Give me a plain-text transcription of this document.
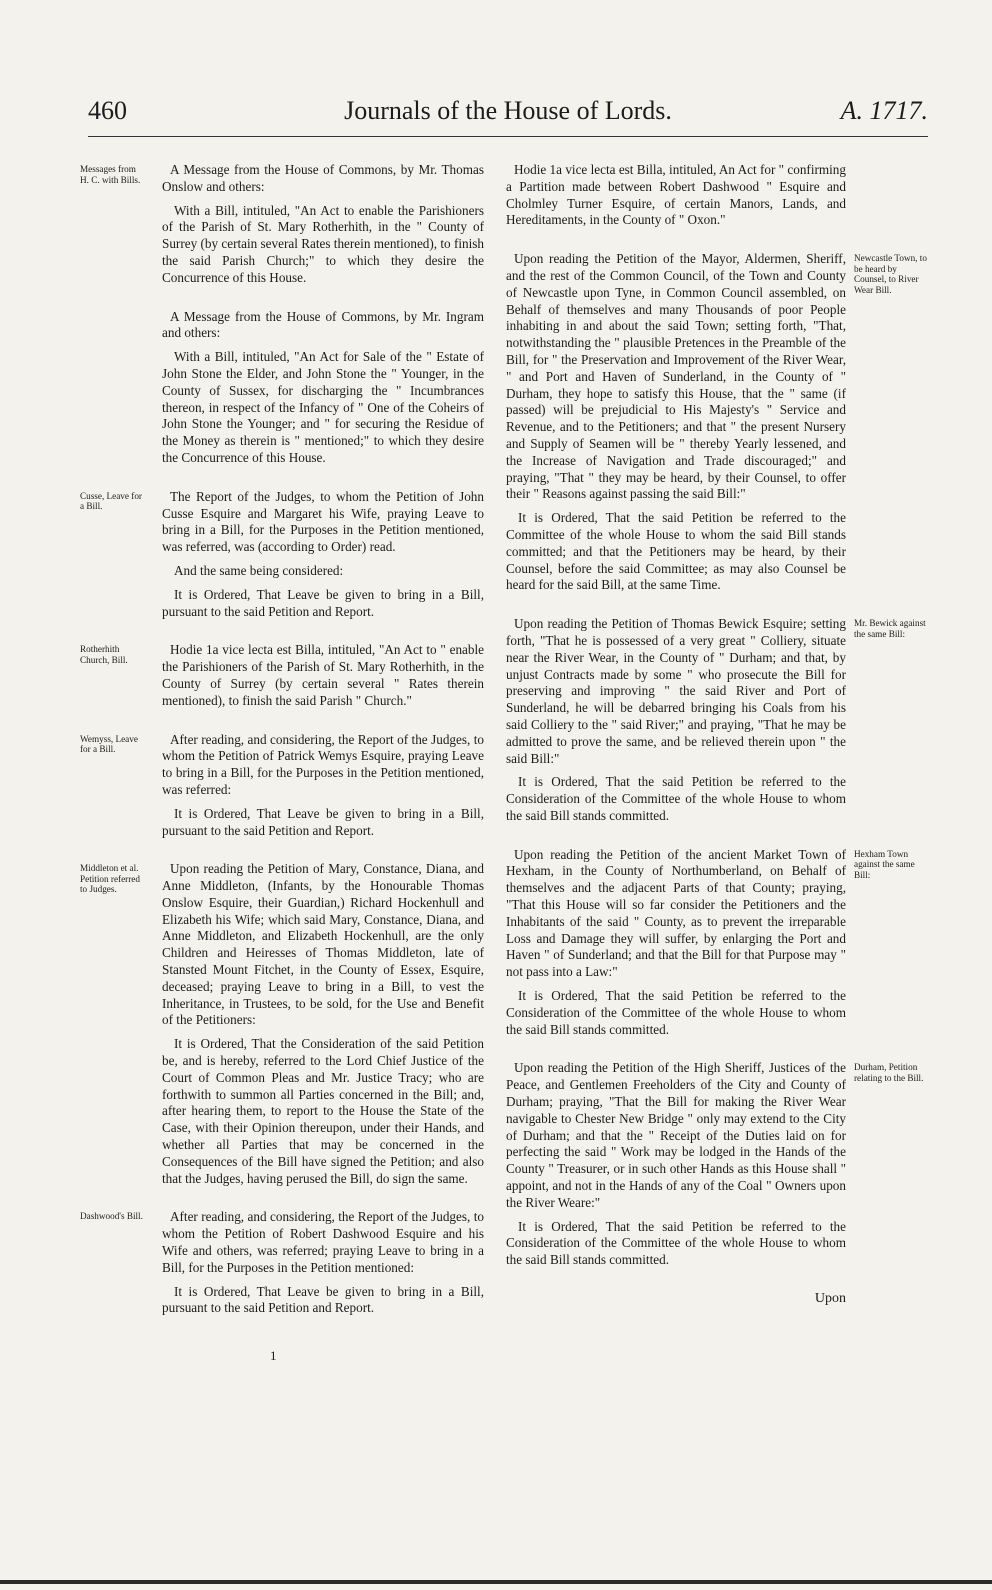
460	Journals of the House of Lords.	A. 1717.
Messages from H. C. with Bills.

A Message from the House of Commons, by Mr. Thomas Onslow and others:

With a Bill, intituled, "An Act to enable the Parishioners of the Parish of St. Mary Rotherhith, in the " County of Surrey (by certain several Rates therein mentioned), to finish the said Parish Church;" to which they desire the Concurrence of this House.

A Message from the House of Commons, by Mr. Ingram and others:

With a Bill, intituled, "An Act for Sale of the " Estate of John Stone the Elder, and John Stone the " Younger, in the County of Sussex, for discharging the " Incumbrances thereon, in respect of the Infancy of " One of the Coheirs of John Stone the Younger; and " for securing the Residue of the Money as therein is " mentioned;" to which they desire the Concurrence of this House.

Cusse, Leave for a Bill.

The Report of the Judges, to whom the Petition of John Cusse Esquire and Margaret his Wife, praying Leave to bring in a Bill, for the Purposes in the Petition mentioned, was referred, was (according to Order) read.

And the same being considered:

It is Ordered, That Leave be given to bring in a Bill, pursuant to the said Petition and Report.

Rotherhith Church, Bill.

Hodie 1a vice lecta est Billa, intituled, "An Act to " enable the Parishioners of the Parish of St. Mary Rotherhith, in the County of Surrey (by certain several " Rates therein mentioned), to finish the said Parish " Church."

Wemyss, Leave for a Bill.

After reading, and considering, the Report of the Judges, to whom the Petition of Patrick Wemys Esquire, praying Leave to bring in a Bill, for the Purposes in the Petition mentioned, was referred:

It is Ordered, That Leave be given to bring in a Bill, pursuant to the said Petition and Report.

Middleton et al. Petition referred to Judges.

Upon reading the Petition of Mary, Constance, Diana, and Anne Middleton, (Infants, by the Honourable Thomas Onslow Esquire, their Guardian,) Richard Hockenhull and Elizabeth his Wife; which said Mary, Constance, Diana, and Anne Middleton, and Elizabeth Hockenhull, are the only Children and Heiresses of Thomas Middleton, late of Stansted Mount Fitchet, in the County of Essex, Esquire, deceased; praying Leave to bring in a Bill, to vest the Inheritance, in Trustees, to be sold, for the Use and Benefit of the Petitioners:

It is Ordered, That the Consideration of the said Petition be, and is hereby, referred to the Lord Chief Justice of the Court of Common Pleas and Mr. Justice Tracy; who are forthwith to summon all Parties concerned in the Bill; and, after hearing them, to report to the House the State of the Case, with their Opinion thereupon, under their Hands, and whether all Parties that may be concerned in the Consequences of the Bill have signed the Petition; and also that the Judges, having perused the Bill, do sign the same.

Dashwood's Bill.	After reading, and considering, the Report of the Judges, to whom the Petition of Robert Dashwood Esquire and his Wife and others, was referred; praying Leave to bring in a Bill, for the Purposes in the Petition mentioned:

It is Ordered, That Leave be given to bring in a Bill, pursuant to the said Petition and Report.

Hodie 1a vice lecta est Billa, intituled, An Act for " confirming a Partition made between Robert Dashwood " Esquire and Cholmley Turner Esquire, of certain Manors, Lands, and Hereditaments, in the County of " Oxon."

Newcastle Town, to be heard by Counsel, to River Wear Bill.

Upon reading the Petition of the Mayor, Aldermen, Sheriff, and the rest of the Common Council, of the Town and County of Newcastle upon Tyne, in Common Council assembled, on Behalf of themselves and many Thousands of poor People inhabiting in and about the said Town; setting forth, "That, notwithstanding the " plausible Pretences in the Preamble of the Bill, for " the Preservation and Improvement of the River Wear, " and Port and Haven of Sunderland, in the County of " Durham, they hope to satisfy this House, that the " same (if passed) will be prejudicial to His Majesty's " Service and Revenue, and to the Petitioners; and that " the present Nursery and Supply of Seamen will be " thereby Yearly lessened, and the Increase of Navigation and Trade discouraged;" and praying, "That " they may be heard, by their Counsel, to offer their " Reasons against passing the said Bill:"

It is Ordered, That the said Petition be referred to the Committee of the whole House to whom the said Bill stands committed; and that the Petitioners may be heard, by their Counsel, before the said Committee; as may also Counsel be heard for the said Bill, at the same Time.

Mr. Bewick against the same Bill:

Upon reading the Petition of Thomas Bewick Esquire; setting forth, "That he is possessed of a very great " Colliery, situate near the River Wear, in the County of " Durham; and that, by unjust Contracts made by some " who prosecute the Bill for preserving and improving " the said River and Port of Sunderland, he will be debarred bringing his Coals from his said Colliery to the " said River;" and praying, "That he may be admitted to prove the same, and be relieved therein upon " the said Bill:"

It is Ordered, That the said Petition be referred to the Consideration of the Committee of the whole House to whom the said Bill stands committed.

Hexham Town against the same Bill:

Upon reading the Petition of the ancient Market Town of Hexham, in the County of Northumberland, on Behalf of themselves and the adjacent Parts of that County; praying, "That this House will so far consider the Petitioners and the Inhabitants of the said " County, as to prevent the irreparable Loss and Damage they will suffer, by enlarging the Port and Haven " of Sunderland; and that the Bill for that Purpose may " not pass into a Law:"

It is Ordered, That the said Petition be referred to the Consideration of the Committee of the whole House to whom the said Bill stands committed.

Durham, Petition relating to the Bill.

Upon reading the Petition of the High Sheriff, Justices of the Peace, and Gentlemen Freeholders of the City and County of Durham; praying, "That the Bill for making the River Wear navigable to Chester New Bridge " only may extend to the City of Durham; and that the " Receipt of the Duties laid on for perfecting the said " Work may be lodged in the Hands of the County " Treasurer, or in such other Hands as this House shall " appoint, and not in the Hands of any of the Coal " Owners upon the River Weare:"

It is Ordered, That the said Petition be referred to the Consideration of the Committee of the whole House to whom the said Bill stands committed.

Upon
1
